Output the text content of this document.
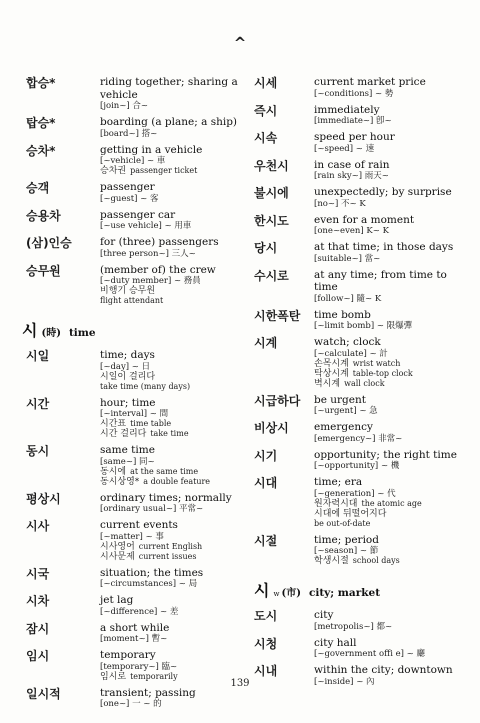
^
합승*	riding together; sharing a vehicle
[join~] 合~
탑승*	boarding (a plane; a ship)
[board~] 搭~
승차*	getting in a vehicle
[~vehicle] ~ 車
승차권 passenger ticket
승객	passenger
[~guest] ~ 客
승용차	passenger car
[~use vehicle] ~ 用車
(삼)인승	for (three) passengers
[three person~] 三人~
승무원	(member of) the crew
[~duty member] ~ 務員
비행기 승무원
flight attendant
시 (時) time
시일	time; days
[~day] ~ 日
시일이 걸리다
take time (many days)
시간	hour; time
[~interval] ~ 間
시간표 time table
시간 걸리다 take time
동시	same time
[same~] 同~
동시에 at the same time
동시상영* a double feature
평상시	ordinary times; normally
[ordinary usual~] 平常~
시사	current events
[~matter] ~ 事
시사영어 current English
시사문제 current issues
시국	situation; the times
[~circumstances] ~ 局
시차	jet lag
[~difference] ~ 差
잠시	a short while
[moment~] 暫~
임시	temporary
[temporary~] 臨~
임시로 temporarily
일시적	transient; passing
[one~] 一 ~ 的
시세	current market price
[~conditions] ~ 勢
즉시	immediately
[immediate~] 卽~
시속	speed per hour
[~speed] ~ 速
우천시	in case of rain
[rain sky~] 雨天~
불시에	unexpectedly; by surprise
[no~] 不~ K
한시도	even for a moment
[one~even] K~ K
당시	at that time; in those days
[suitable~] 當~
수시로	at any time; from time to time
[follow~] 隨~ K
시한폭탄	time bomb
[~limit bomb] ~ 限爆彈
시계	watch; clock
[~calculate] ~ 計
손목시계 wrist watch
탁상시계 table-top clock
벽시계 wall clock
시급하다	be urgent
[~urgent] ~ 急
비상시	emergency
[emergency~] 非常~
시기	opportunity; the right time
[~opportunity] ~ 機
시대	time; era
[~generation] ~ 代
원자력시대 the atomic age
시대에 뒤떨어지다
be out-of-date
시절	time; period
[~season] ~ 節
학생시절 school days
시 w (市) city; market
도시	city
[metropolis~] 都~
시청	city hall
[~government offi e] ~ 廳
시내	within the city; downtown
[~inside] ~ 內
139
